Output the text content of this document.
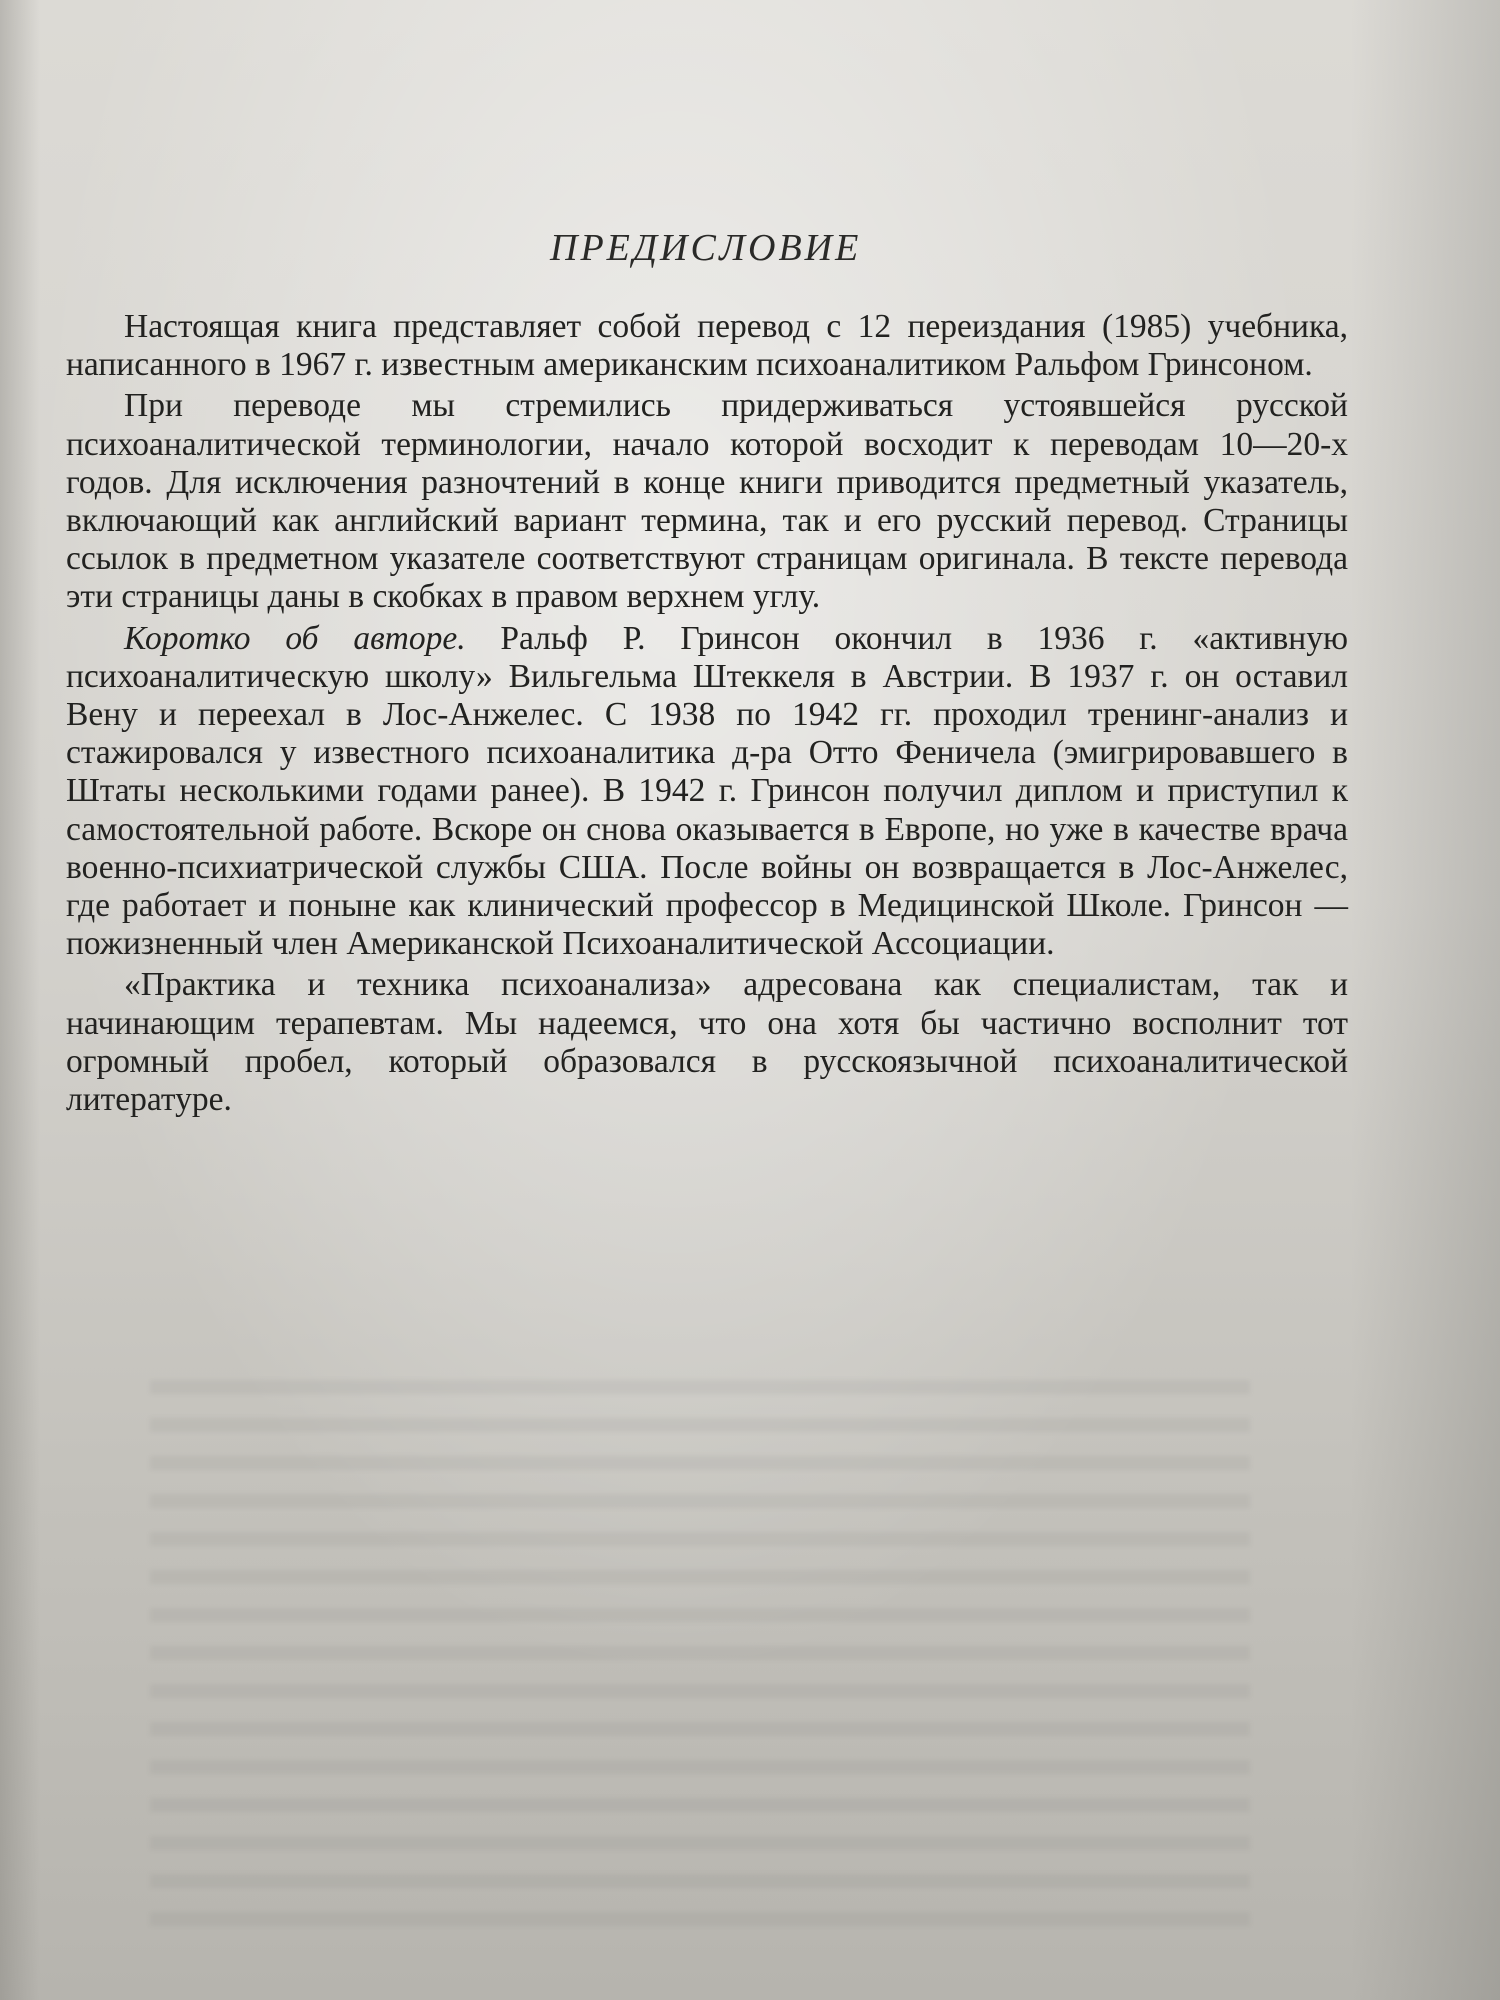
ПРЕДИСЛОВИЕ

Настоящая книга представляет собой перевод с 12 переиздания (1985) учебника, написанного в 1967 г. известным американским психоаналитиком Ральфом Гринсоном.

При переводе мы стремились придерживаться устоявшейся русской психоаналитической терминологии, начало которой восходит к переводам 10—20-х годов. Для исключения разночтений в конце книги приводится предметный указатель, включающий как английский вариант термина, так и его русский перевод. Страницы ссылок в предметном указателе соответствуют страницам оригинала. В тексте перевода эти страницы даны в скобках в правом верхнем углу.

Коротко об авторе. Ральф Р. Гринсон окончил в 1936 г. «активную психоаналитическую школу» Вильгельма Штеккеля в Австрии. В 1937 г. он оставил Вену и переехал в Лос-Анжелес. С 1938 по 1942 гг. проходил тренинг-анализ и стажировался у известного психоаналитика д-ра Отто Феничела (эмигрировавшего в Штаты несколькими годами ранее). В 1942 г. Гринсон получил диплом и приступил к самостоятельной работе. Вскоре он снова оказывается в Европе, но уже в качестве врача военно-психиатрической службы США. После войны он возвращается в Лос-Анжелес, где работает и поныне как клинический профессор в Медицинской Школе. Гринсон — пожизненный член Американской Психоаналитической Ассоциации.

«Практика и техника психоанализа» адресована как специалистам, так и начинающим терапевтам. Мы надеемся, что она хотя бы частично восполнит тот огромный пробел, который образовался в русскоязычной психоаналитической литературе.
